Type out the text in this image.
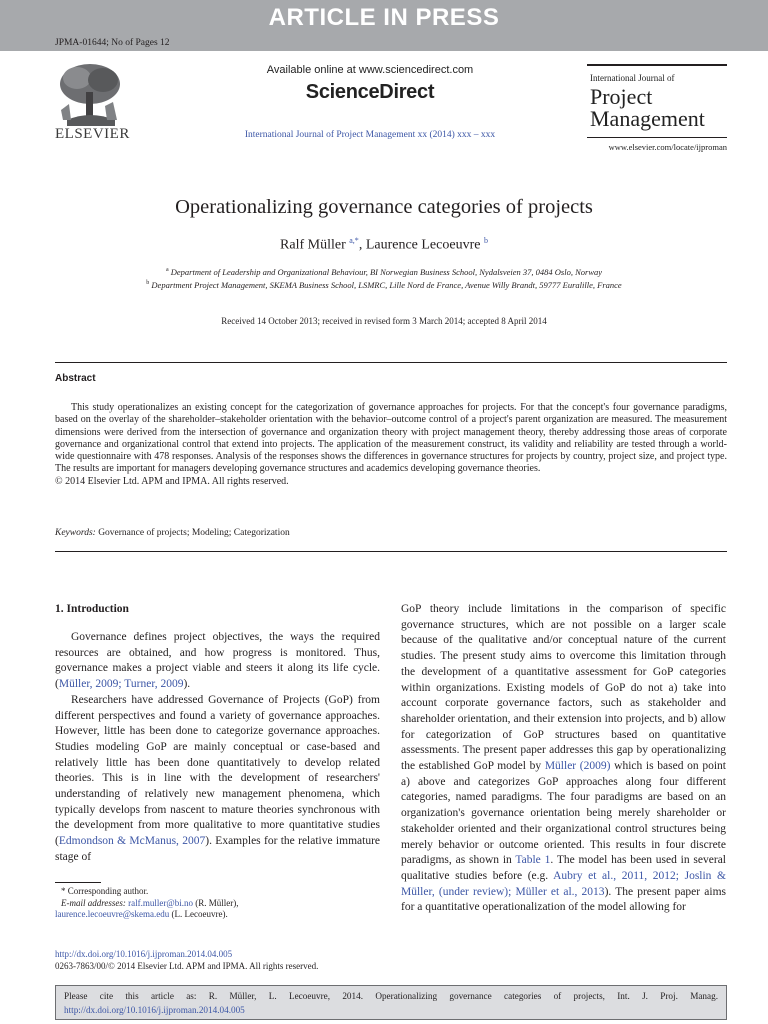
ARTICLE IN PRESS
JPMA-01644; No of Pages 12
ELSEVIER
Available online at www.sciencedirect.com
ScienceDirect
International Journal of Project Management xx (2014) xxx – xxx
International Journal of
Project
Management
www.elsevier.com/locate/ijproman
Operationalizing governance categories of projects
Ralf Müller $^{a,*}$, Laurence Lecoeuvre $^b$
$^a$ Department of Leadership and Organizational Behaviour, BI Norwegian Business School, Nydalsveien 37, 0484 Oslo, Norway
$^b$ Department Project Management, SKEMA Business School, LSMRC, Lille Nord de France, Avenue Willy Brandt, 59777 Euralille, France
Received 14 October 2013; received in revised form 3 March 2014; accepted 8 April 2014
Abstract

This study operationalizes an existing concept for the categorization of governance approaches for projects. For that the concept's four governance paradigms, based on the overlay of the shareholder–stakeholder orientation with the behavior–outcome control of a project's parent organization are measured. The measurement dimensions were derived from the intersection of governance and organization theory with project management theory, thereby addressing those areas of corporate governance and organizational control that extend into projects. The application of the measurement construct, its validity and reliability are tested through a world-wide questionnaire with 478 responses. Analysis of the responses shows the differences in governance structures for projects by country, project size, and project type. The results are important for managers developing governance structures and academics developing governance theories.

© 2014 Elsevier Ltd. APM and IPMA. All rights reserved.

Keywords: Governance of projects; Modeling; Categorization
1. Introduction

Governance defines project objectives, the ways the required resources are obtained, and how progress is monitored. Thus, governance makes a project viable and steers it along its life cycle. (Müller, 2009; Turner, 2009).

Researchers have addressed Governance of Projects (GoP) from different perspectives and found a variety of governance approaches. However, little has been done to categorize governance approaches. Studies modeling GoP are mainly conceptual or case-based and relatively little has been done quantitatively to develop related theories. This is in line with the development of researchers' understanding of relatively new management phenomena, which typically develops from nascent to mature theories synchronous with the development from more qualitative to more quantitative studies (Edmondson & McManus, 2007). Examples for the relative immature stage of

GoP theory include limitations in the comparison of specific governance structures, which are not possible on a larger scale because of the qualitative and/or conceptual nature of the current studies. The present study aims to overcome this limitation through the development of a quantitative assessment for GoP categories within organizations. Existing models of GoP do not a) take into account corporate governance factors, such as stakeholder and shareholder orientation, and their extension into projects, and b) allow for categorization of GoP structures based on quantitative assessments. The present paper addresses this gap by operationalizing the established GoP model by Müller (2009) which is based on point a) above and categorizes GoP approaches along four different categories, named paradigms. The four paradigms are based on an organization's governance orientation being merely shareholder or stakeholder oriented and their organizational control structures being merely behavior or outcome oriented. This results in four discrete paradigms, as shown in Table 1. The model has been used in several qualitative studies before (e.g. Aubry et al., 2011, 2012; Joslin & Müller, (under review); Müller et al., 2013). The present paper aims for a quantitative operationalization of the model allowing for

* Corresponding author.
E-mail addresses: ralf.muller@bi.no (R. Müller),
laurence.lecoeuvre@skema.edu (L. Lecoeuvre).
http://dx.doi.org/10.1016/j.ijproman.2014.04.005
0263-7863/00/© 2014 Elsevier Ltd. APM and IPMA. All rights reserved.
Please cite this article as: R. Müller, L. Lecoeuvre, 2014. Operationalizing governance categories of projects, Int. J. Proj. Manag. http://dx.doi.org/10.1016/j.ijproman.2014.04.005
